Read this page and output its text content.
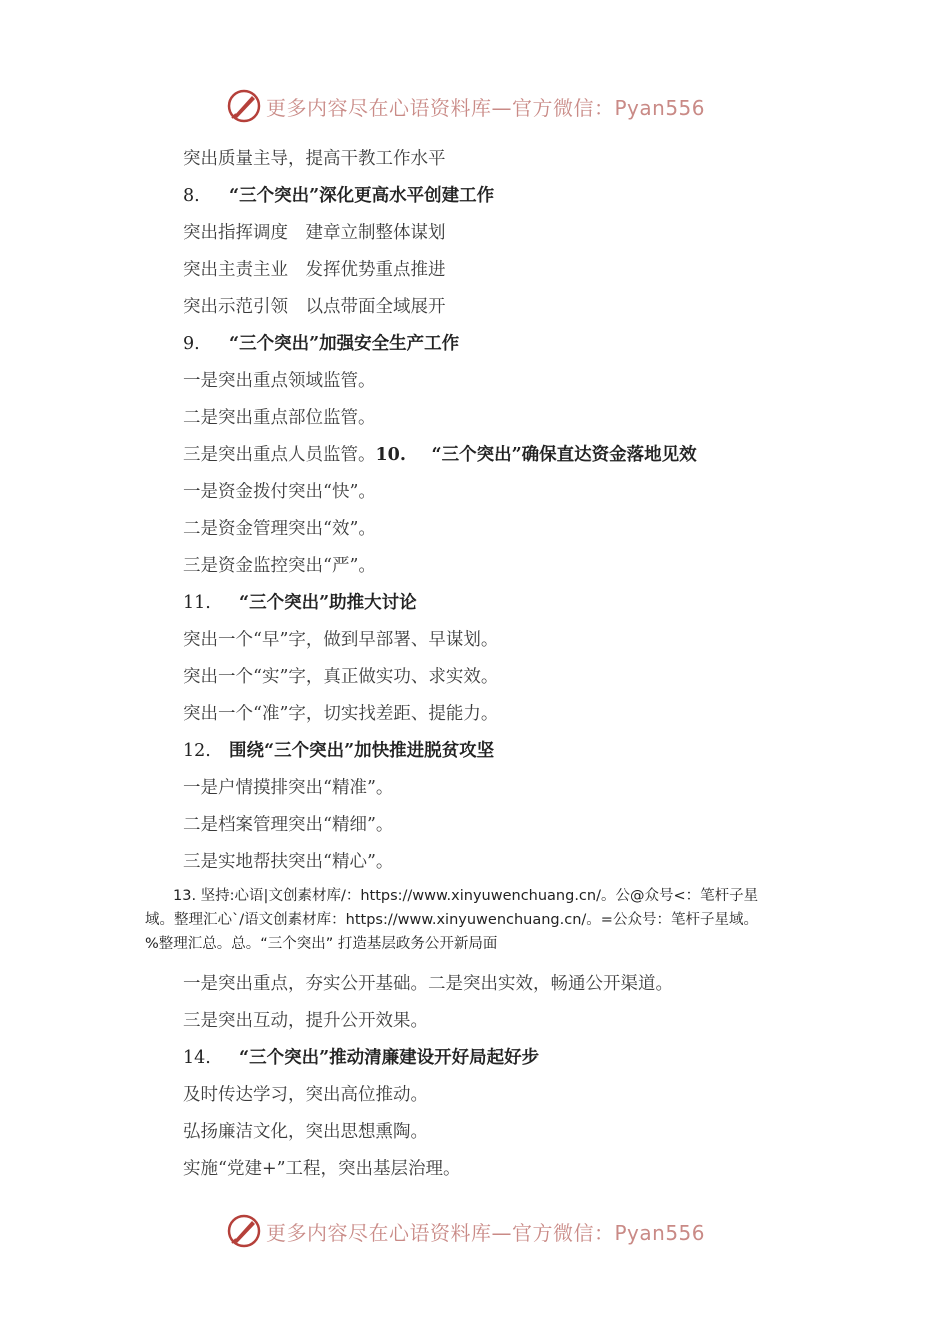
更多内容尽在心语资料库—官方微信：Pyan556
突出质量主导，提高干教工作水平
8. “三个突出”深化更高水平创建工作
突出指挥调度　建章立制整体谋划
突出主责主业　发挥优势重点推进
突出示范引领　以点带面全域展开
9. “三个突出”加强安全生产工作
一是突出重点领域监管。
二是突出重点部位监管。
三是突出重点人员监管。10. “三个突出”确保直达资金落地见效
一是资金拨付突出“快”。
二是资金管理突出“效”。
三是资金监控突出“严”。
11. “三个突出”助推大讨论
突出一个“早”字，做到早部署、早谋划。
突出一个“实”字，真正做实功、求实效。
突出一个“准”字，切实找差距、提能力。
12. 围绕“三个突出”加快推进脱贫攻坚
一是户情摸排突出“精准”。
二是档案管理突出“精细”。
三是实地帮扶突出“精心”。
13. 坚持:心语|文创素材库/：https://www.xinyuwenchuang.cn/。公@众号<：笔杆子星
域。整理汇心`/语文创素材库：https://www.xinyuwenchuang.cn/。=公众号：笔杆子星域。
%整理汇总。总。“三个突出” 打造基层政务公开新局面
一是突出重点，夯实公开基础。二是突出实效，畅通公开渠道。
三是突出互动，提升公开效果。
14. “三个突出”推动清廉建设开好局起好步
及时传达学习，突出高位推动。
弘扬廉洁文化，突出思想熏陶。
实施“党建+”工程，突出基层治理。
更多内容尽在心语资料库—官方微信：Pyan556
